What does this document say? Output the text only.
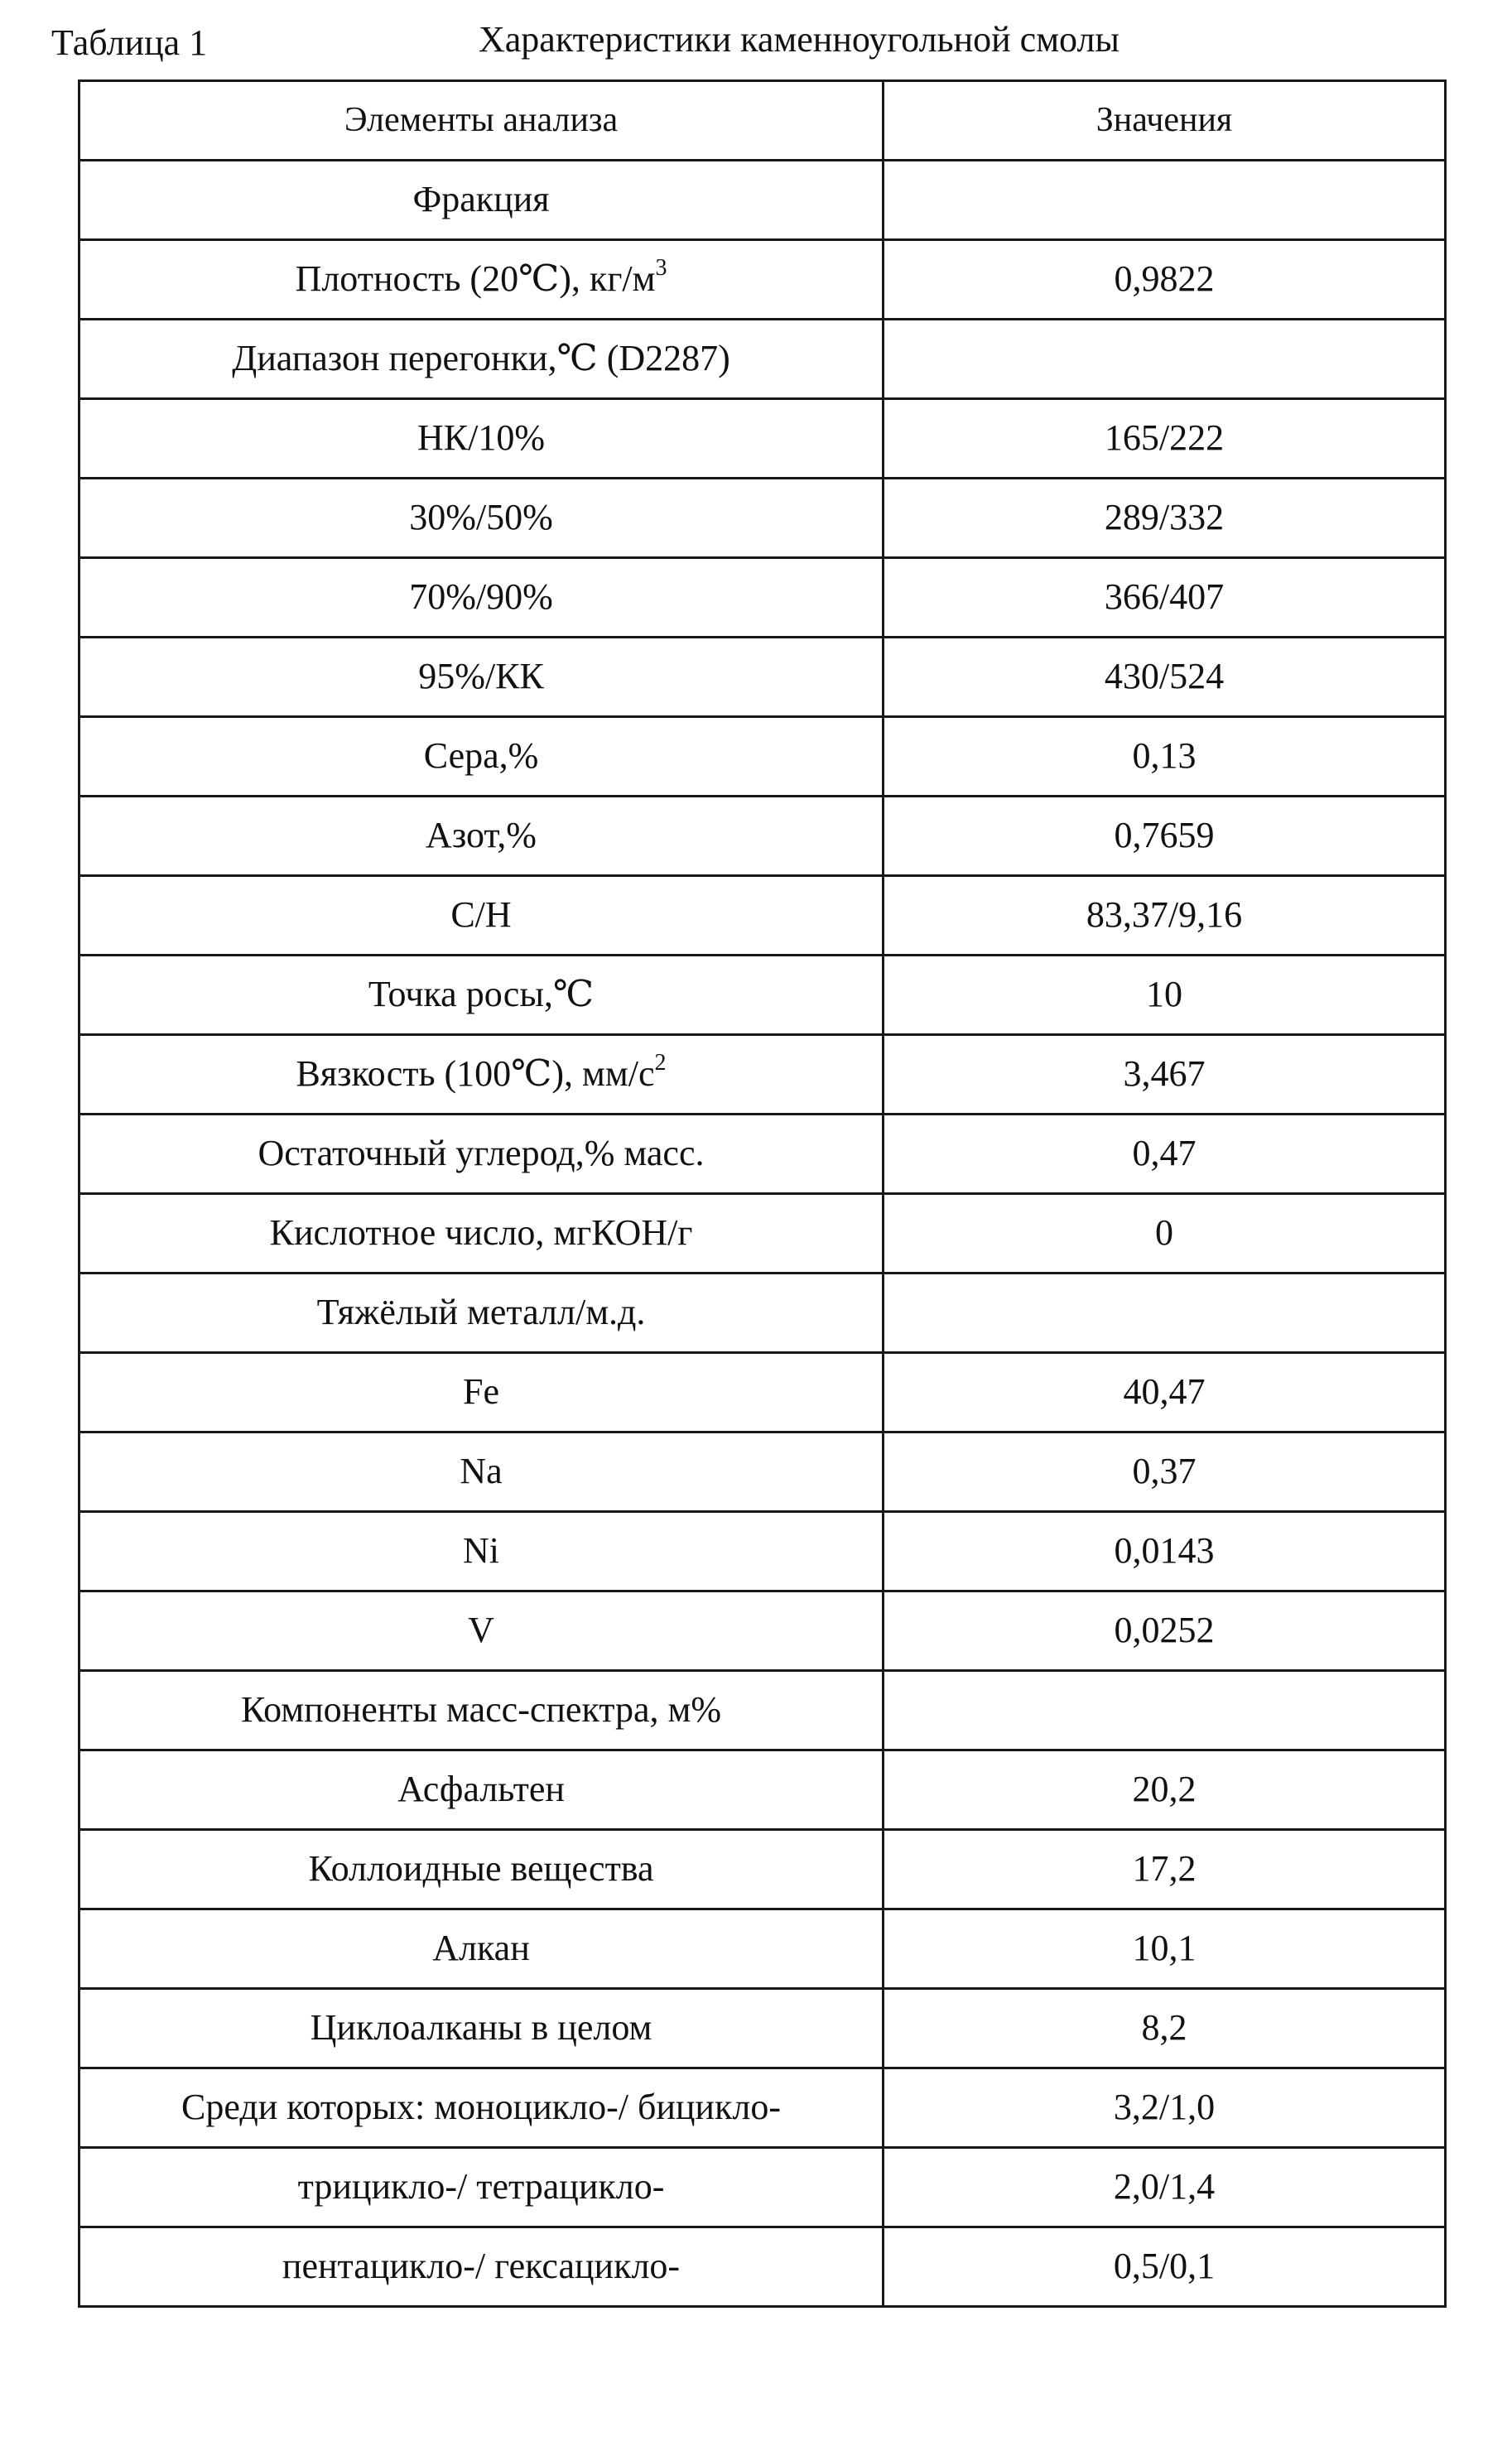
Таблица 1	Характеристики каменноугольной смолы
Элементы анализа	Значения
Фракция	
Плотность (20℃), $кг/м^3$	0,9822
Диапазон перегонки,℃ (D2287)	
НК/10%	165/222
30%/50%	289/332
70%/90%	366/407
95%/КК	430/524
Сера,%	0,13
Азот,%	0,7659
C/H	83,37/9,16
Точка росы,℃	10
Вязкость (100℃), $мм/с^2$	3,467
Остаточный углерод,% масс.	0,47
Кислотное число, мгКОН/г	0
Тяжёлый металл/м.д.	
Fe	40,47
Na	0,37
Ni	0,0143
V	0,0252
Компоненты масс-спектра, м%	
Асфальтен	20,2
Коллоидные вещества	17,2
Алкан	10,1
Циклоалканы в целом	8,2
Среди которых: моноцикло-/ бицикло-	3,2/1,0
трицикло-/ тетрацикло-	2,0/1,4
пентацикло-/ гексацикло-	0,5/0,1
